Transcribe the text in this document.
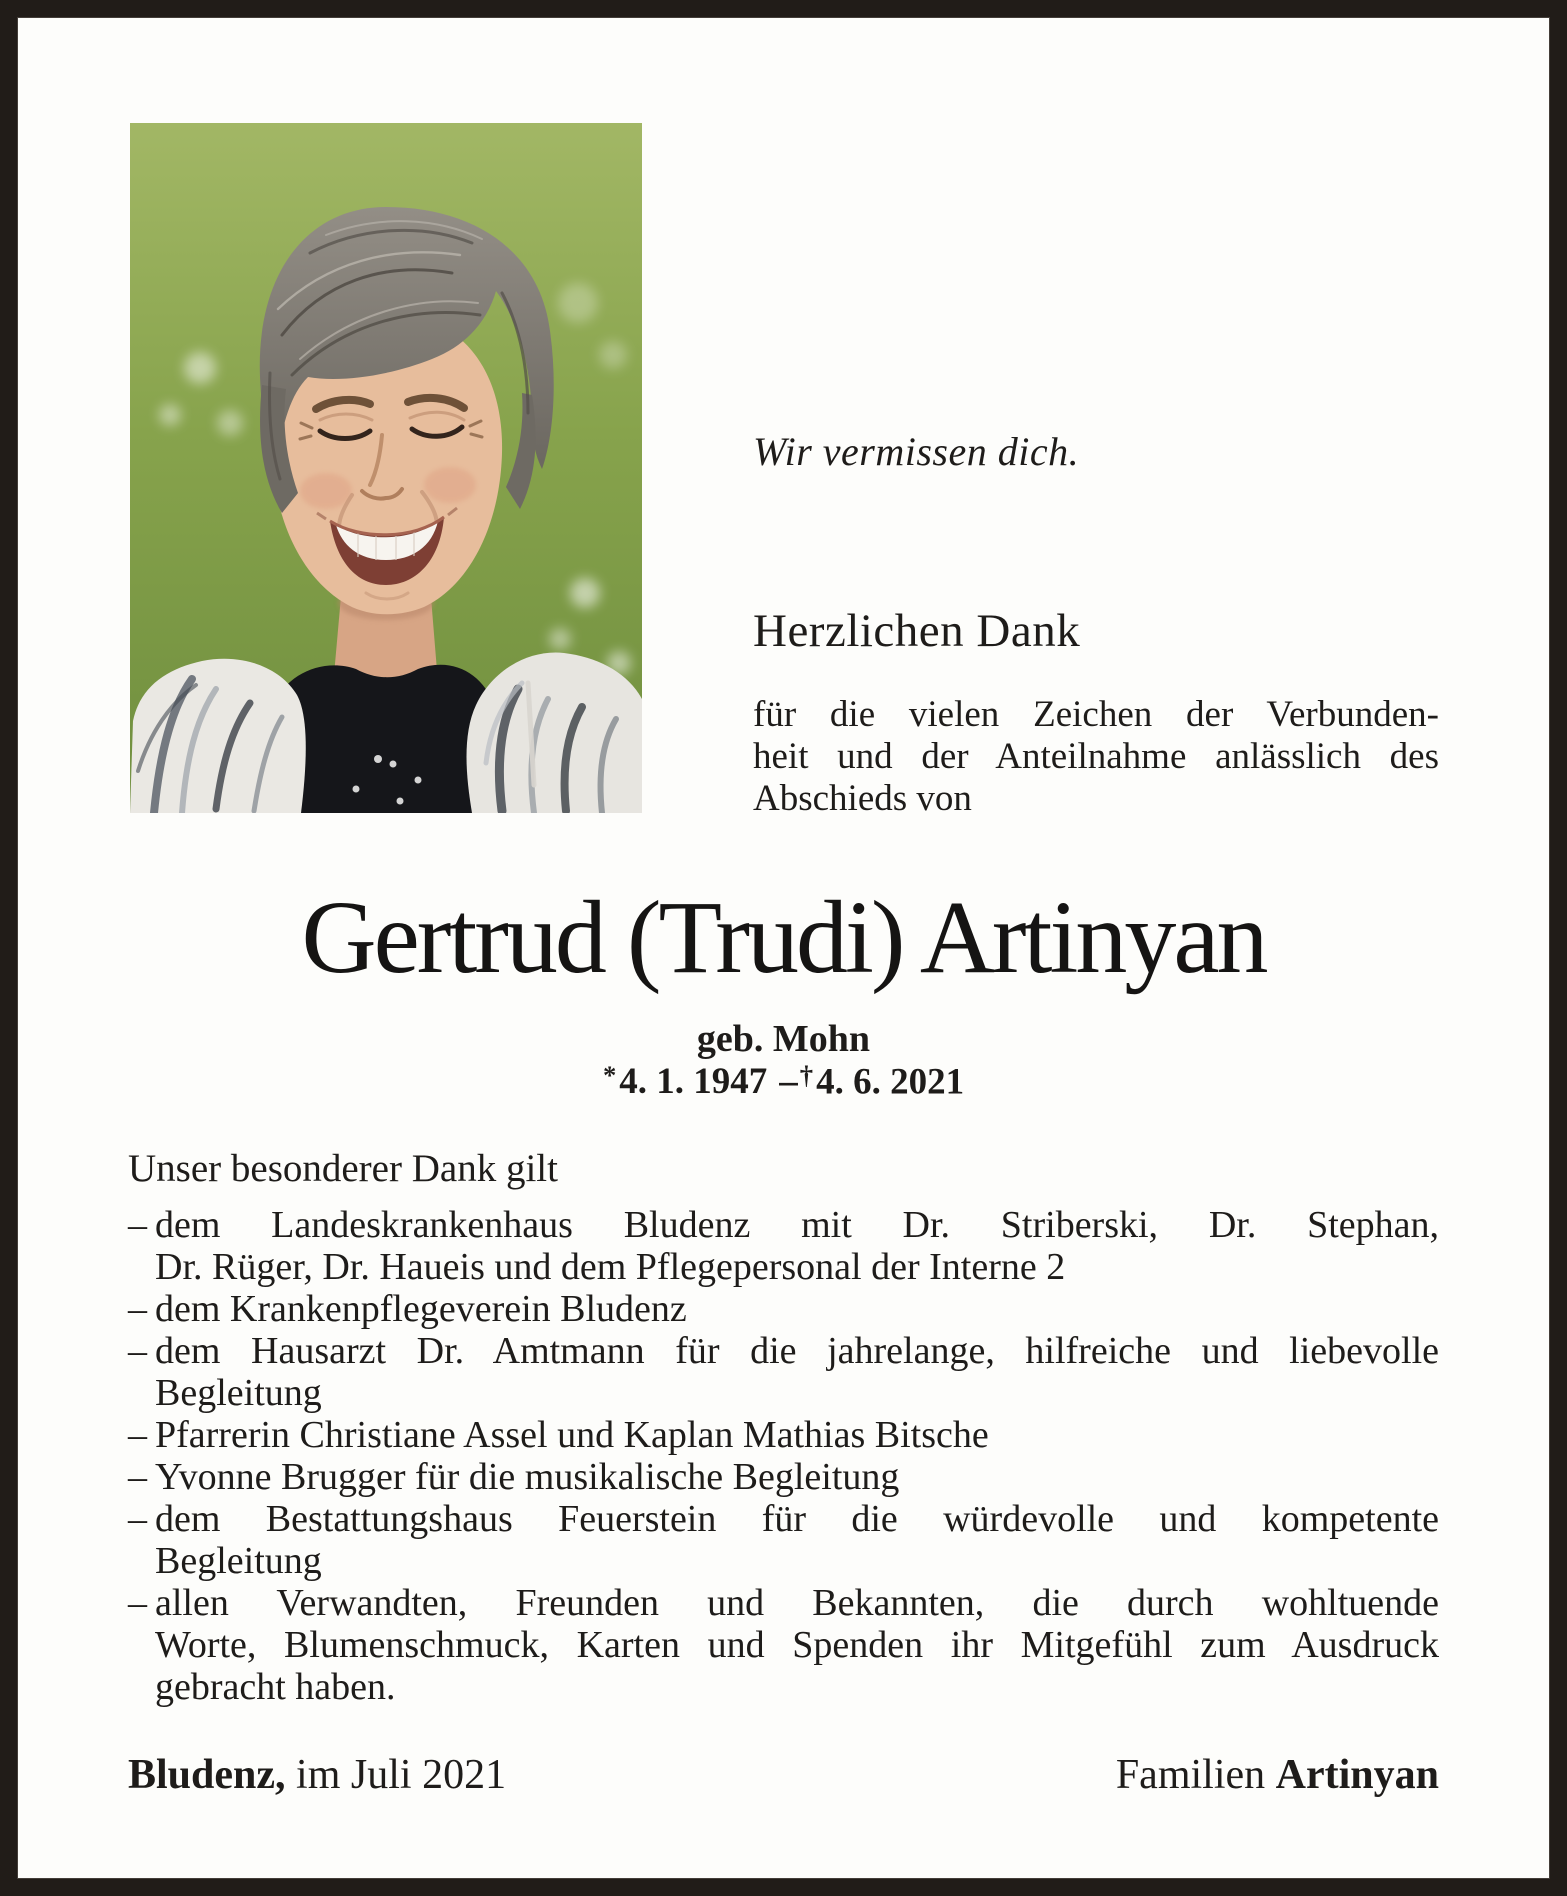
Wir vermissen dich.
Herzlichen Dank
für die vielen Zeichen der Verbunden-
heit und der Anteilnahme anlässlich des
Abschieds von
Gertrud (Trudi) Artinyan
geb. Mohn
*4. 1. 1947 –†4. 6. 2021
Unser besonderer Dank gilt
– dem Landeskrankenhaus Bludenz mit Dr. Striberski, Dr. Stephan,
Dr. Rüger, Dr. Haueis und dem Pflegepersonal der Interne 2
– dem Krankenpflegeverein Bludenz
– dem Hausarzt Dr. Amtmann für die jahrelange, hilfreiche und liebevolle
Begleitung
– Pfarrerin Christiane Assel und Kaplan Mathias Bitsche
– Yvonne Brugger für die musikalische Begleitung
– dem Bestattungshaus Feuerstein für die würdevolle und kompetente
Begleitung
– allen Verwandten, Freunden und Bekannten, die durch wohltuende
Worte, Blumenschmuck, Karten und Spenden ihr Mitgefühl zum Ausdruck
gebracht haben.
Bludenz, im Juli 2021	Familien Artinyan
